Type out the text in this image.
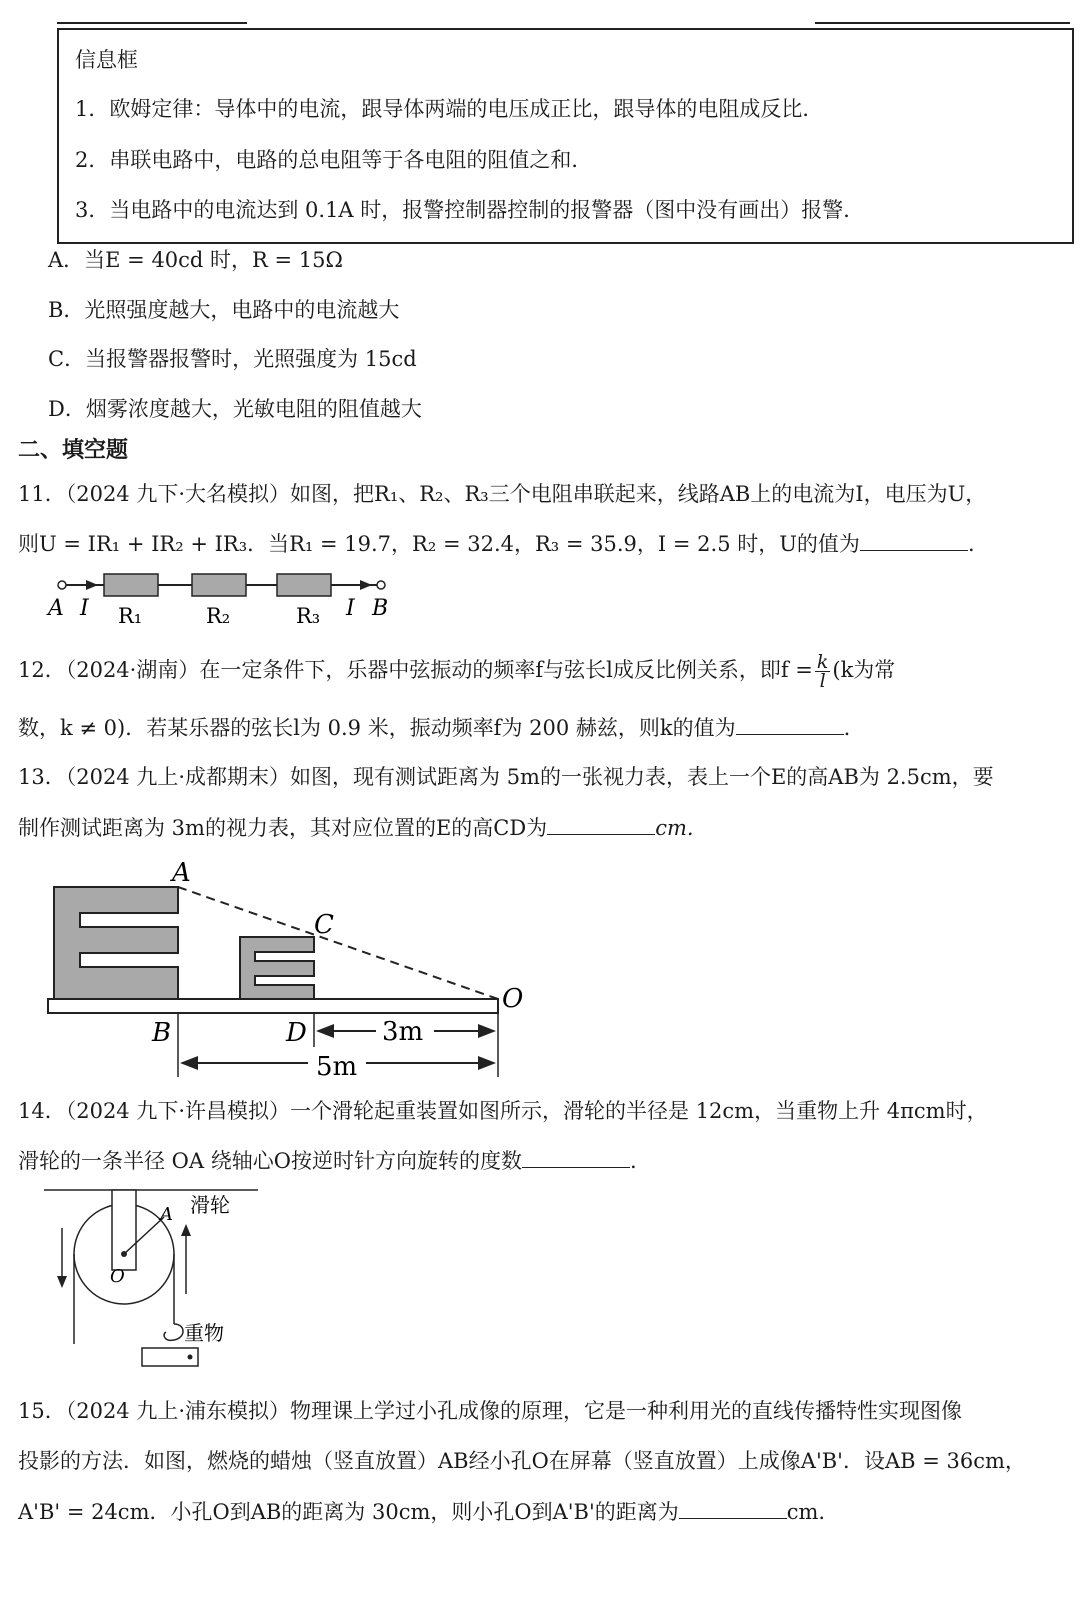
信息框
1．欧姆定律：导体中的电流，跟导体两端的电压成正比，跟导体的电阻成反比．
2．串联电路中，电路的总电阻等于各电阻的阻值之和．
3．当电路中的电流达到 0.1A 时，报警控制器控制的报警器（图中没有画出）报警．
A．当E = 40cd 时，R = 15Ω
B．光照强度越大，电路中的电流越大
C．当报警器报警时，光照强度为 15cd
D．烟雾浓度越大，光敏电阻的阻值越大
二、填空题
11．（2024 九下·大名模拟）如图，把R₁、R₂、R₃三个电阻串联起来，线路AB上的电流为I，电压为U，
则U = IR₁ + IR₂ + IR₃．当R₁ = 19.7，R₂ = 32.4，R₃ = 35.9，I = 2.5 时，U的值为	.
A I R₁	R₂	R₃ I B
12．（2024·湖南）在一定条件下，乐器中弦振动的频率f与弦长l成反比例关系，即$f = \frac{k}{l} (k$为常
数，k ≠ 0)．若某乐器的弦长l为 0.9 米，振动频率f为 200 赫兹，则k的值为	.
13．（2024 九上·成都期末）如图，现有测试距离为 5m的一张视力表，表上一个E的高AB为 2.5cm，要
制作测试距离为 3m的视力表，其对应位置的E的高CD为	cm.
A
C
O
B	D	3m
5m
14．（2024 九下·许昌模拟）一个滑轮起重装置如图所示，滑轮的半径是 12cm，当重物上升 4πcm时，
滑轮的一条半径 OA 绕轴心O按逆时针方向旋转的度数	.
滑轮
A
O
重物
15．（2024 九上·浦东模拟）物理课上学过小孔成像的原理，它是一种利用光的直线传播特性实现图像
投影的方法．如图，燃烧的蜡烛（竖直放置）AB经小孔O在屏幕（竖直放置）上成像A'B'．设AB = 36cm，
A'B' = 24cm．小孔O到AB的距离为 30cm，则小孔O到A'B'的距离为	cm.
